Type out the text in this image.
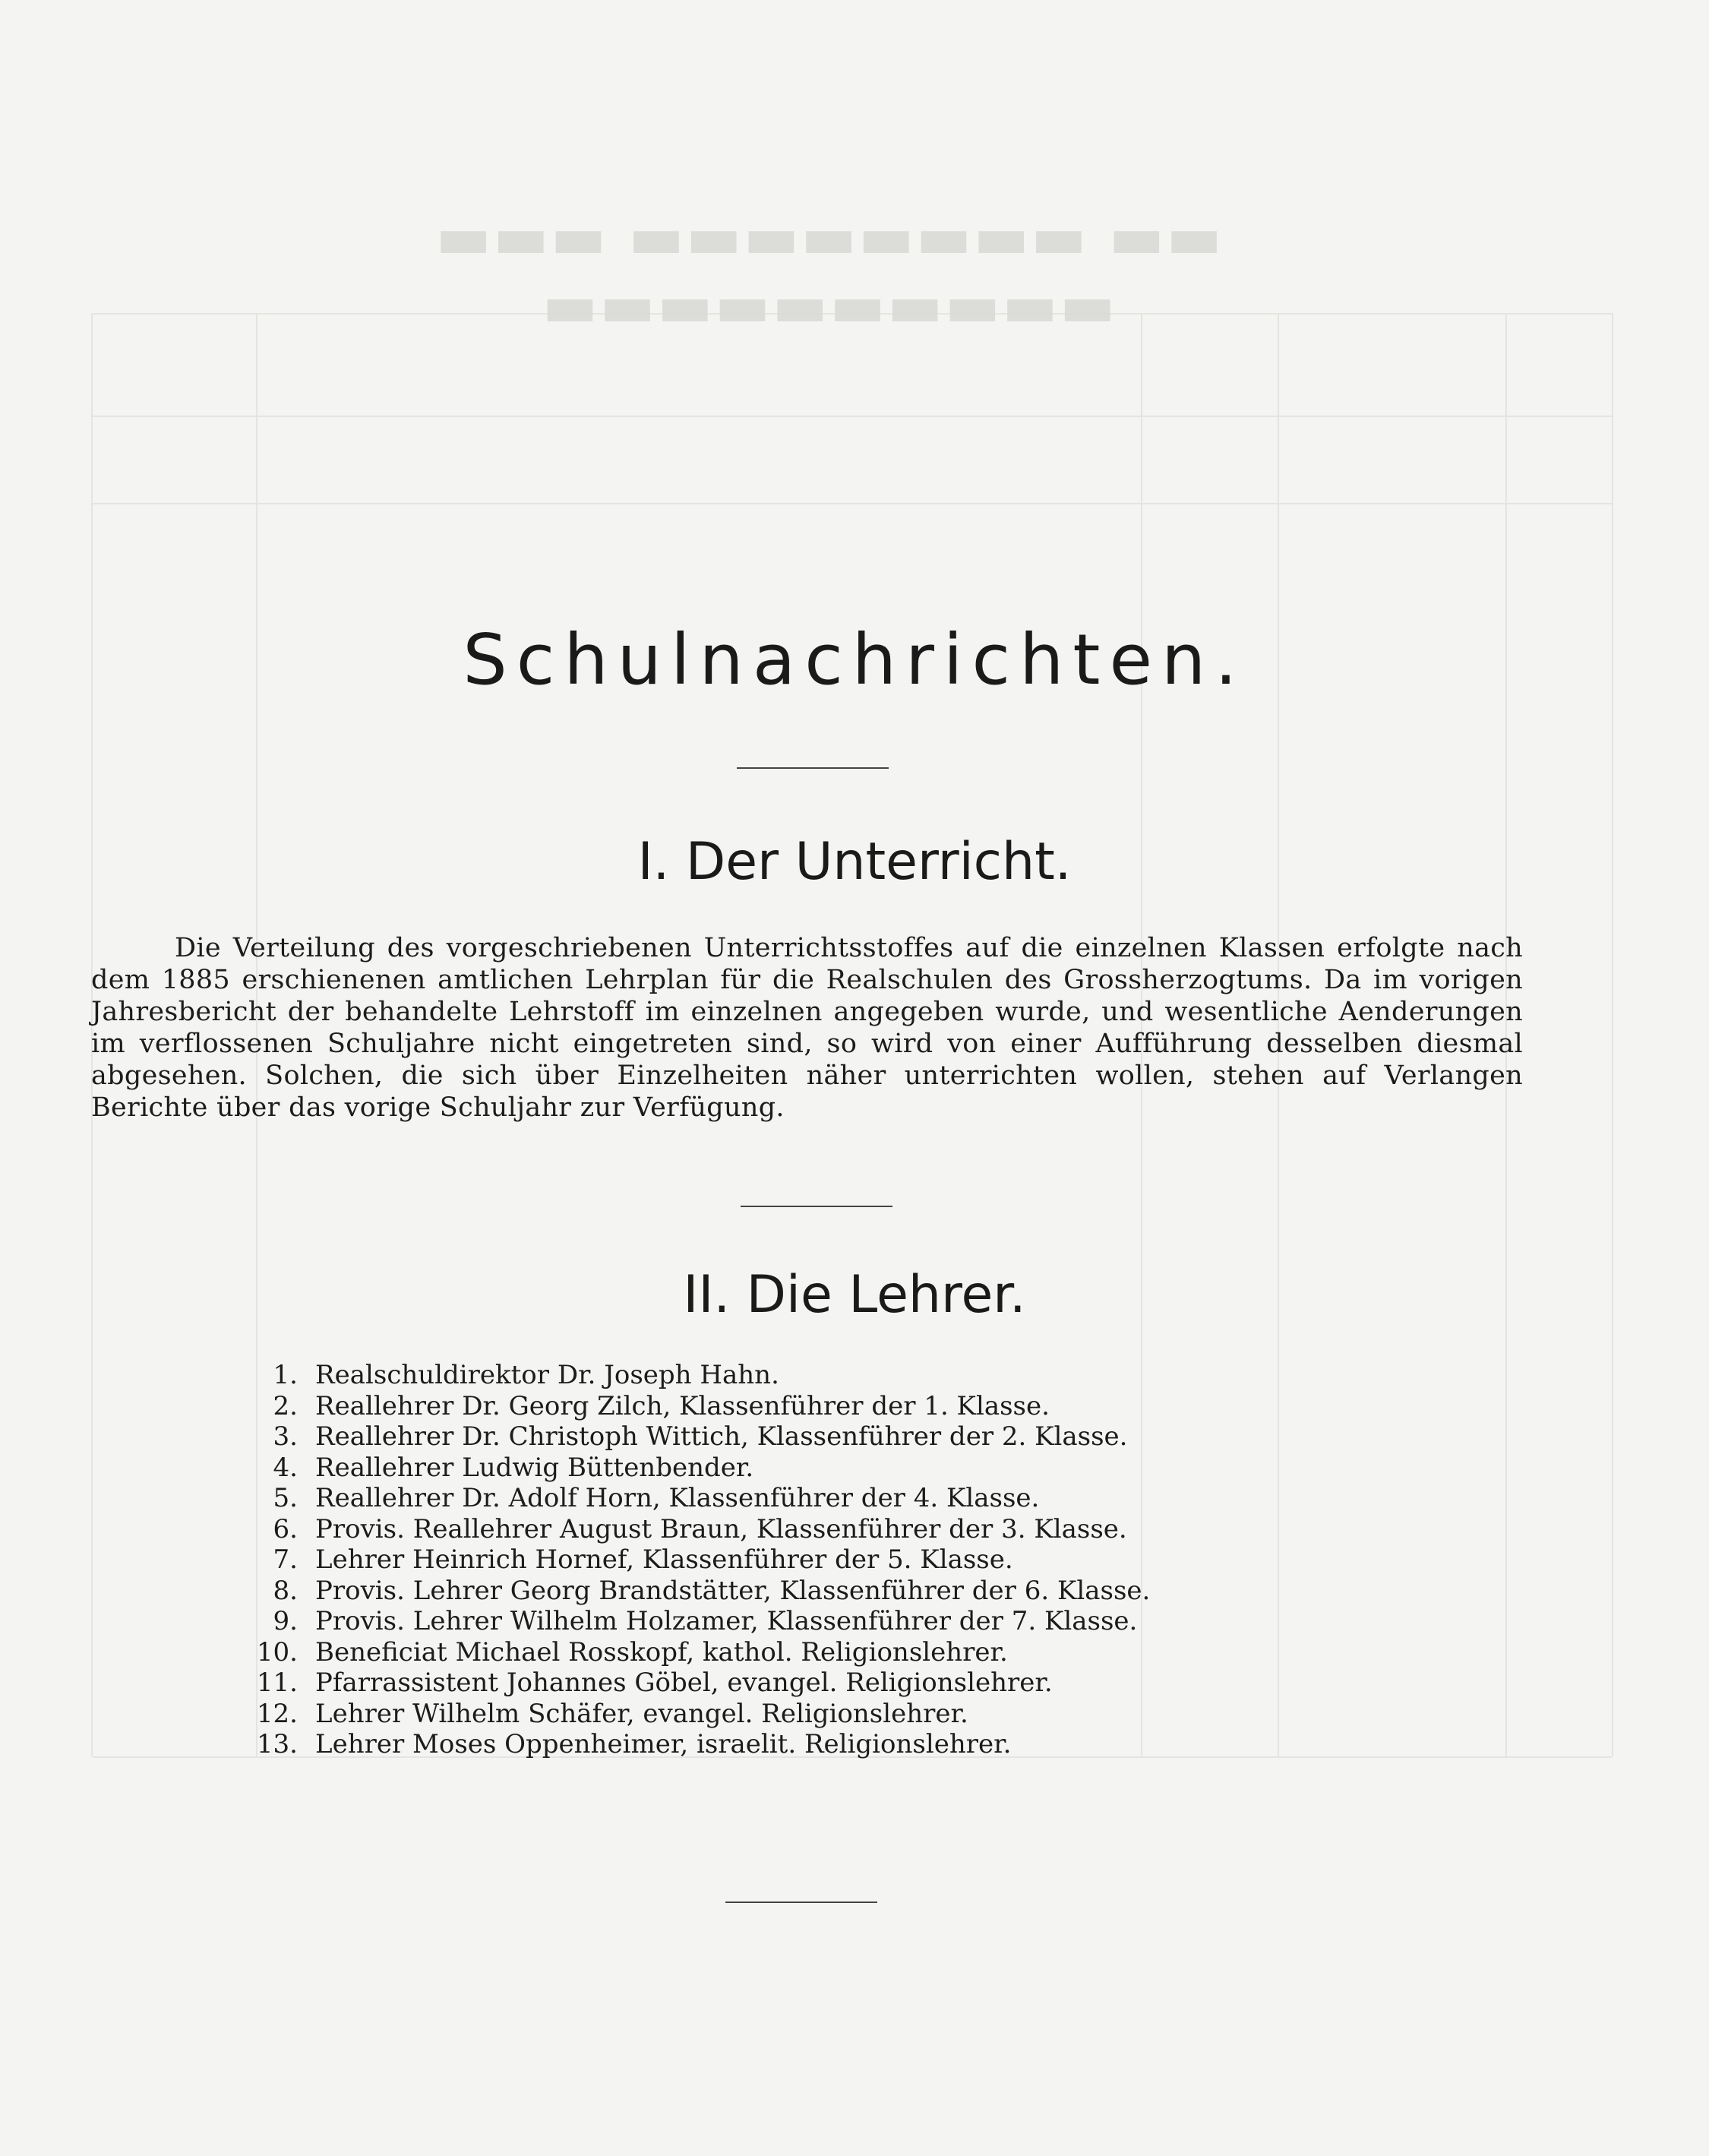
▬▬ ▬▬▬▬▬▬▬▬ ▬▬▬ ▬▬▬▬▬▬▬▬▬▬
Schulnachrichten.
I. Der Unterricht.

Die Verteilung des vorgeschriebenen Unterrichtsstoffes auf die einzelnen Klassen erfolgte nach dem 1885 erschienenen amtlichen Lehrplan für die Realschulen des Grossherzogtums. Da im vorigen Jahresbericht der behandelte Lehrstoff im einzelnen angegeben wurde, und wesentliche Aenderungen im verflossenen Schuljahre nicht eingetreten sind, so wird von einer Aufführung desselben diesmal abgesehen. Solchen, die sich über Einzelheiten näher unterrichten wollen, stehen auf Verlangen Berichte über das vorige Schuljahr zur Verfügung.

II. Die Lehrer.
1. Realschuldirektor Dr. Joseph Hahn.
2. Reallehrer Dr. Georg Zilch, Klassenführer der 1. Klasse.
3. Reallehrer Dr. Christoph Wittich, Klassenführer der 2. Klasse.
4. Reallehrer Ludwig Büttenbender.
5. Reallehrer Dr. Adolf Horn, Klassenführer der 4. Klasse.
6. Provis. Reallehrer August Braun, Klassenführer der 3. Klasse.
7. Lehrer Heinrich Hornef, Klassenführer der 5. Klasse.
8. Provis. Lehrer Georg Brandstätter, Klassenführer der 6. Klasse.
9. Provis. Lehrer Wilhelm Holzamer, Klassenführer der 7. Klasse.
10. Beneficiat Michael Rosskopf, kathol. Religionslehrer.
11. Pfarrassistent Johannes Göbel, evangel. Religionslehrer.
12. Lehrer Wilhelm Schäfer, evangel. Religionslehrer.
13. Lehrer Moses Oppenheimer, israelit. Religionslehrer.
